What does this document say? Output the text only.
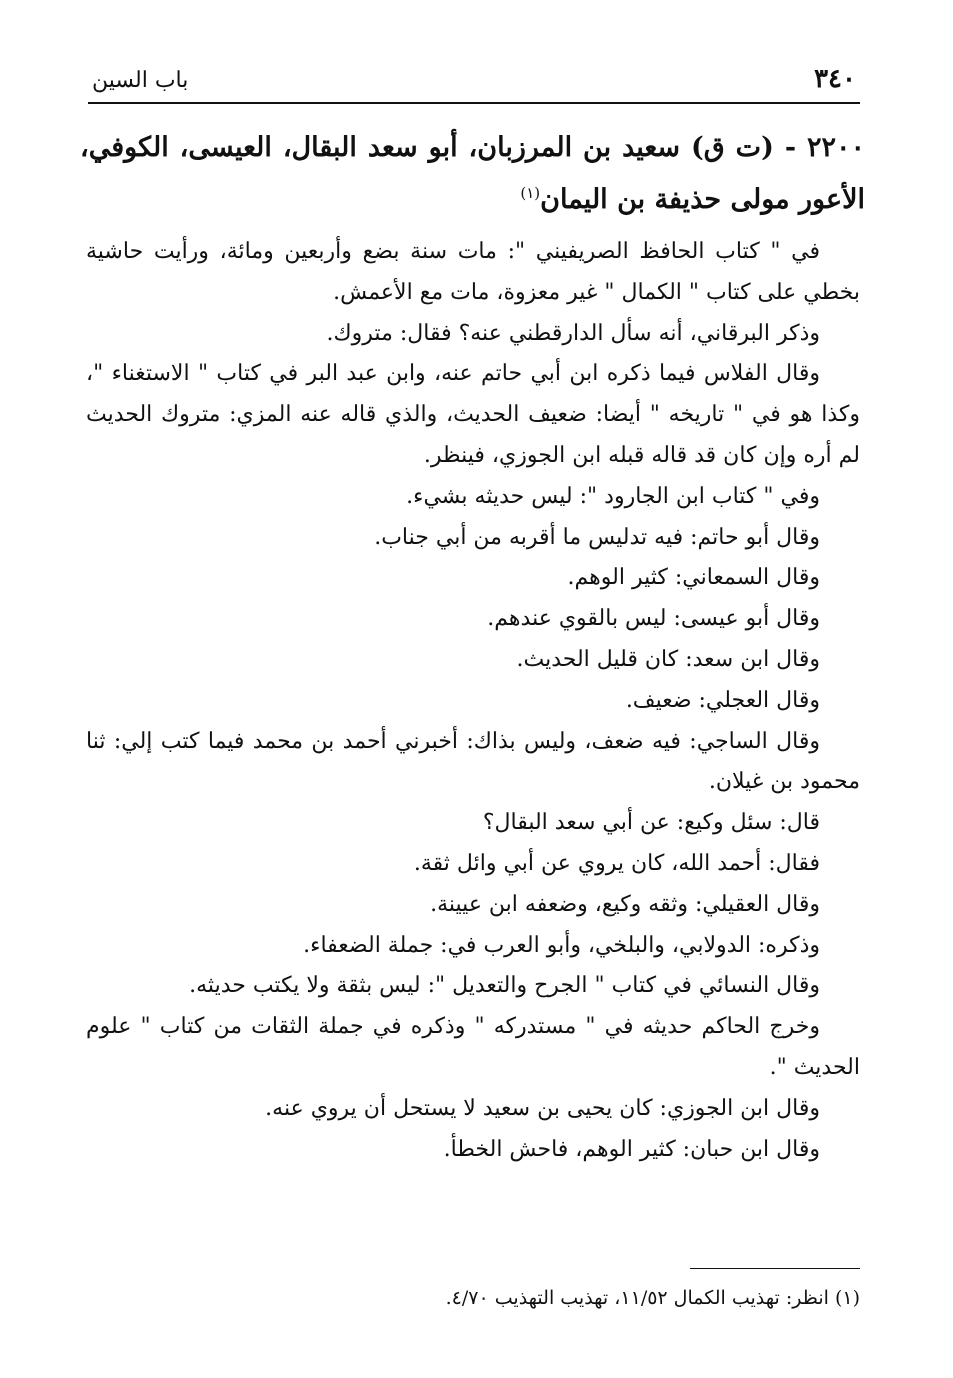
٣٤٠
باب السين
٢٢٠٠ - (ت ق) سعيد بن المرزبان، أبو سعد البقال، العيسى، الكوفي، الأعور مولى حذيفة بن اليمان$^{(١)}$

في " كتاب الحافظ الصريفيني ": مات سنة بضع وأربعين ومائة، ورأيت حاشية بخطي على كتاب " الكمال " غير معزوة، مات مع الأعمش.

وذكر البرقاني، أنه سأل الدارقطني عنه؟ فقال: متروك.

وقال الفلاس فيما ذكره ابن أبي حاتم عنه، وابن عبد البر في كتاب " الاستغناء "، وكذا هو في " تاريخه " أيضا: ضعيف الحديث، والذي قاله عنه المزي: متروك الحديث لم أره وإن كان قد قاله قبله ابن الجوزي، فينظر.

وفي " كتاب ابن الجارود ": ليس حديثه بشيء.

وقال أبو حاتم: فيه تدليس ما أقربه من أبي جناب.

وقال السمعاني: كثير الوهم.

وقال أبو عيسى: ليس بالقوي عندهم.

وقال ابن سعد: كان قليل الحديث.

وقال العجلي: ضعيف.

وقال الساجي: فيه ضعف، وليس بذاك: أخبرني أحمد بن محمد فيما كتب إلي: ثنا محمود بن غيلان.

قال: سئل وكيع: عن أبي سعد البقال؟

فقال: أحمد الله، كان يروي عن أبي وائل ثقة.

وقال العقيلي: وثقه وكيع، وضعفه ابن عيينة.

وذكره: الدولابي، والبلخي، وأبو العرب في: جملة الضعفاء.

وقال النسائي في كتاب " الجرح والتعديل ": ليس بثقة ولا يكتب حديثه.

وخرج الحاكم حديثه في " مستدركه " وذكره في جملة الثقات من كتاب " علوم الحديث ".

وقال ابن الجوزي: كان يحيى بن سعيد لا يستحل أن يروي عنه.

وقال ابن حبان: كثير الوهم، فاحش الخطأ.

(١) انظر: تهذيب الكمال ١١/٥٢، تهذيب التهذيب ٤/٧٠.
